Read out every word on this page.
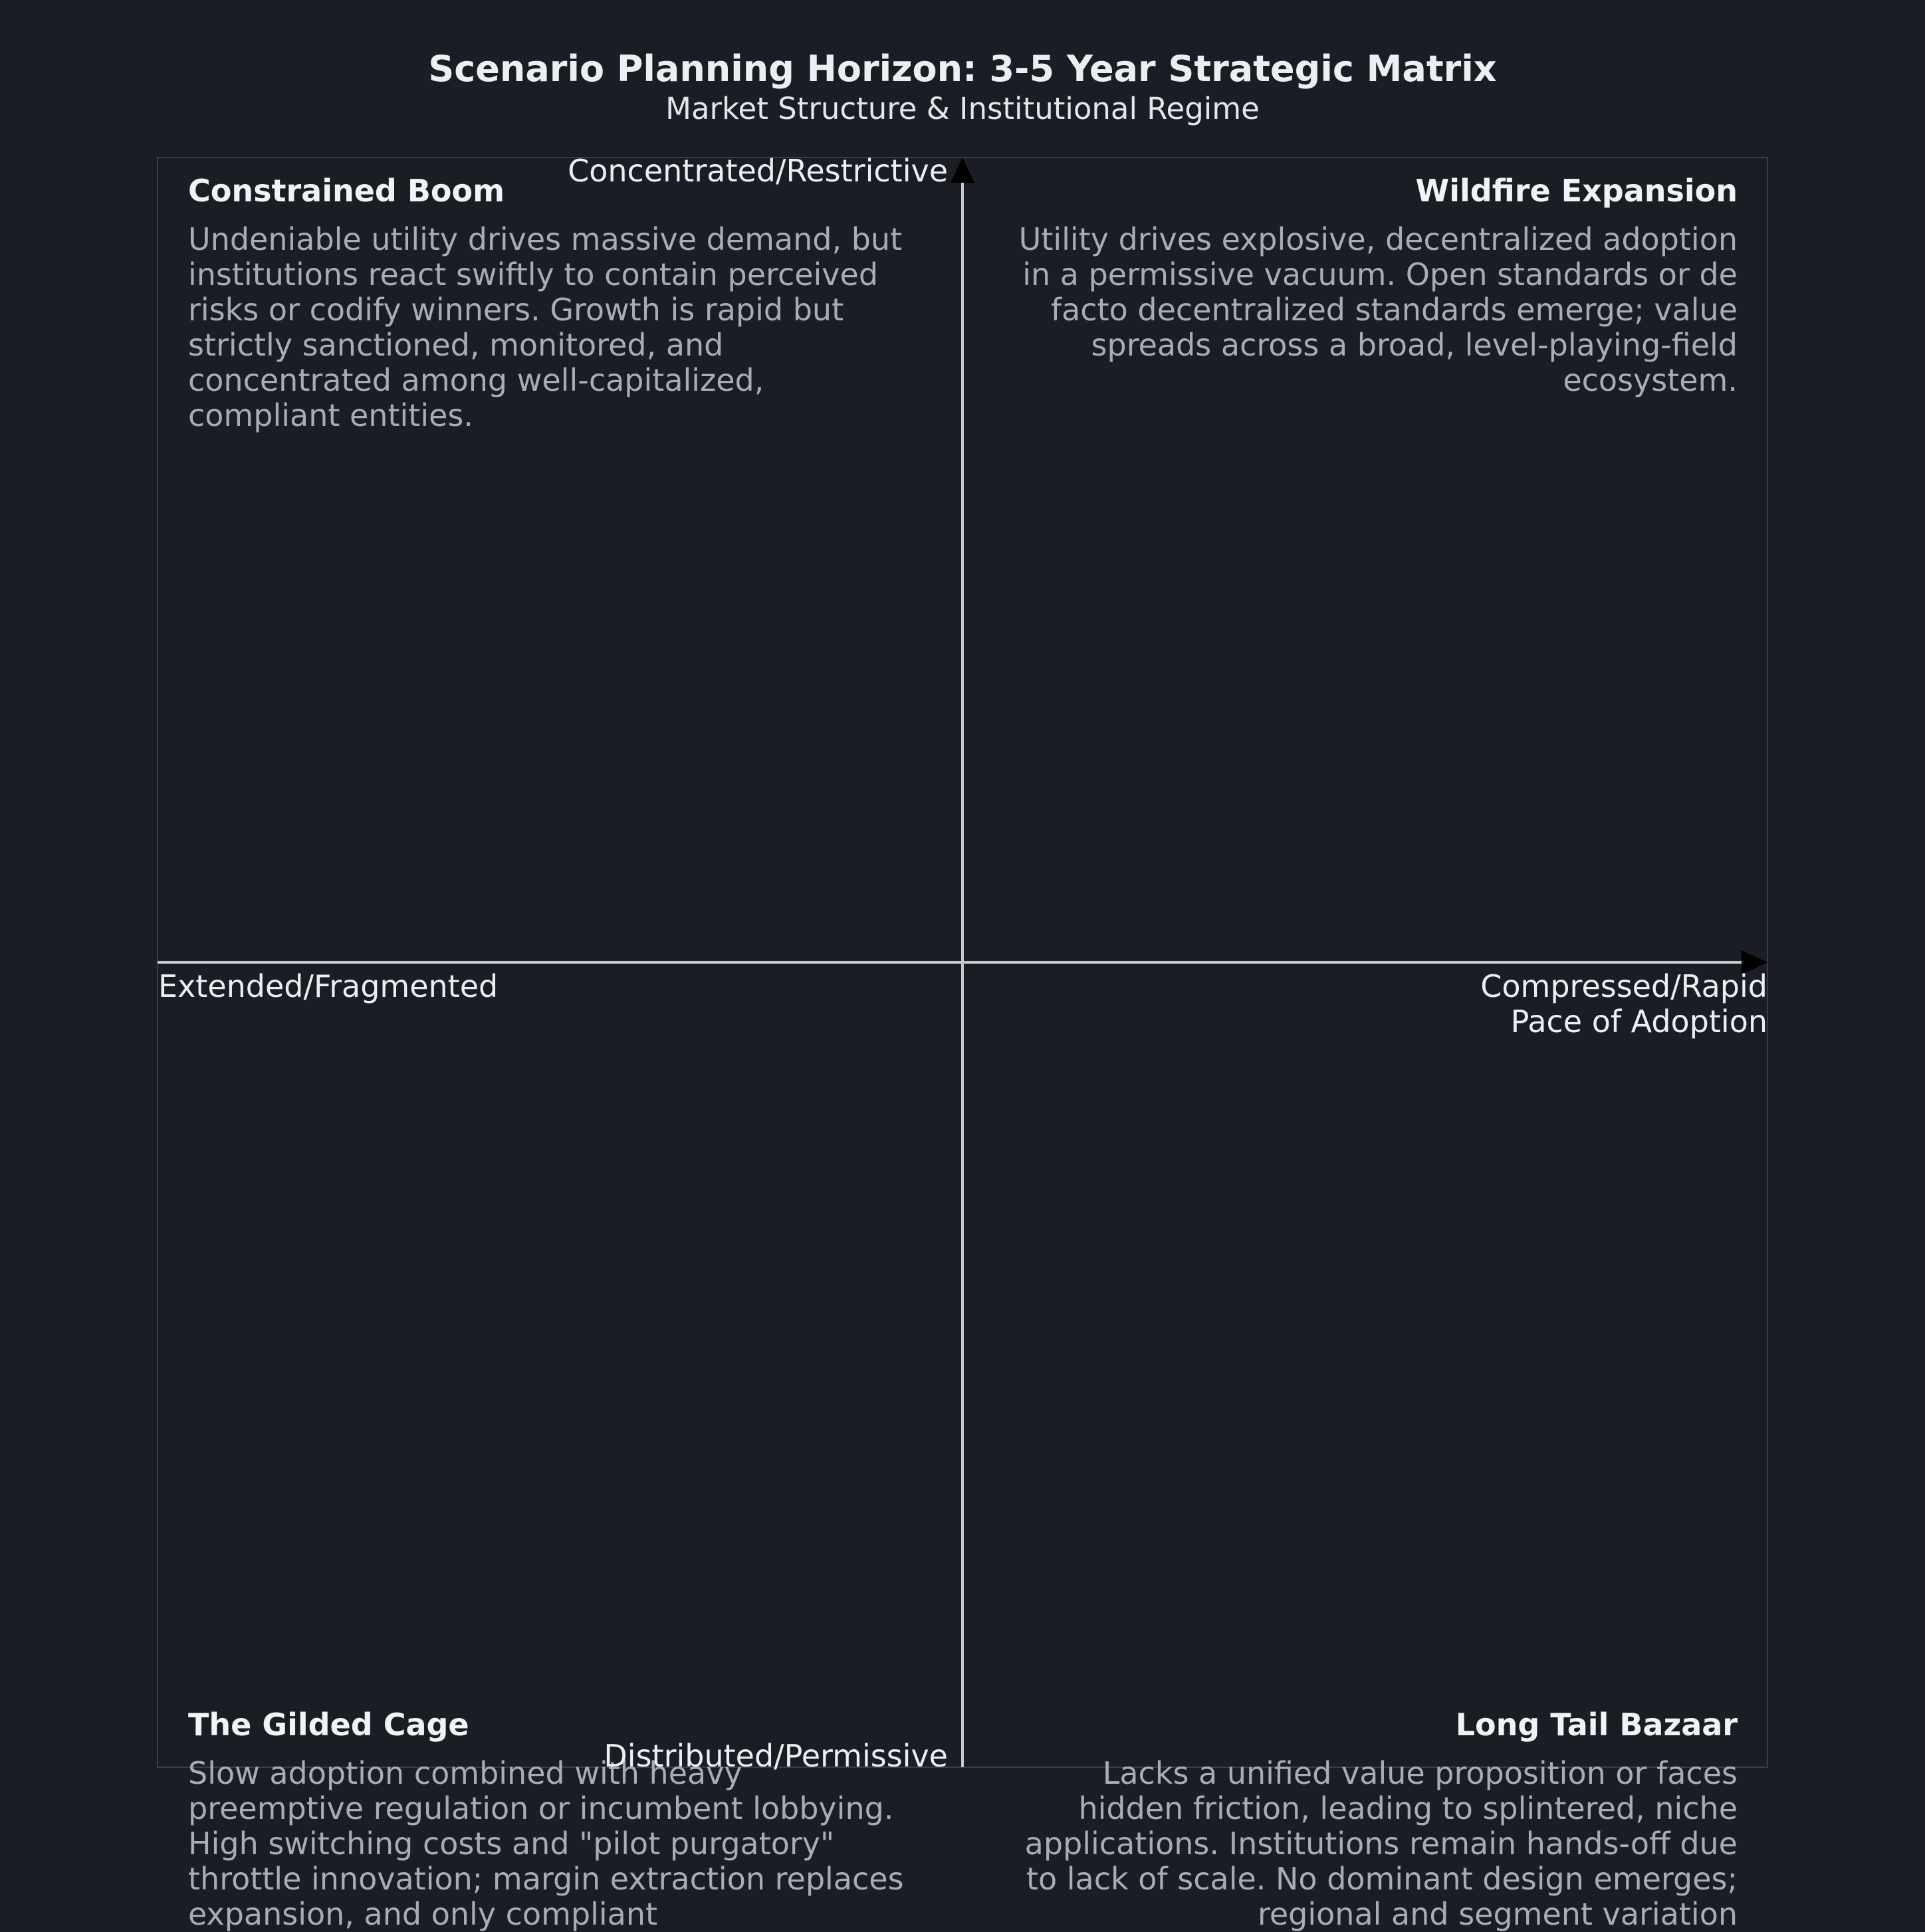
Scenario Planning Horizon: 3-5 Year Strategic Matrix
Market Structure & Institutional Regime

Constrained Boom

Undeniable utility drives massive demand, but institutions react swiftly to contain perceived risks or codify winners. Growth is rapid but strictly sanctioned, monitored, and concentrated among well-capitalized, compliant entities.

Wildfire Expansion

Utility drives explosive, decentralized adoption in a permissive vacuum. Open standards or de facto decentralized standards emerge; value spreads across a broad, level-playing-field ecosystem.

The Gilded Cage

Slow adoption combined with heavy preemptive regulation or incumbent lobbying. High switching costs and "pilot purgatory" throttle innovation; margin extraction replaces expansion, and only compliant

Long Tail Bazaar

Lacks a unified value proposition or faces hidden friction, leading to splintered, niche applications. Institutions remain hands-off due to lack of scale. No dominant design emerges; regional and segment variation

Concentrated/Restrictive
Distributed/Permissive
Extended/Fragmented	Compressed/Rapid
Pace of Adoption
